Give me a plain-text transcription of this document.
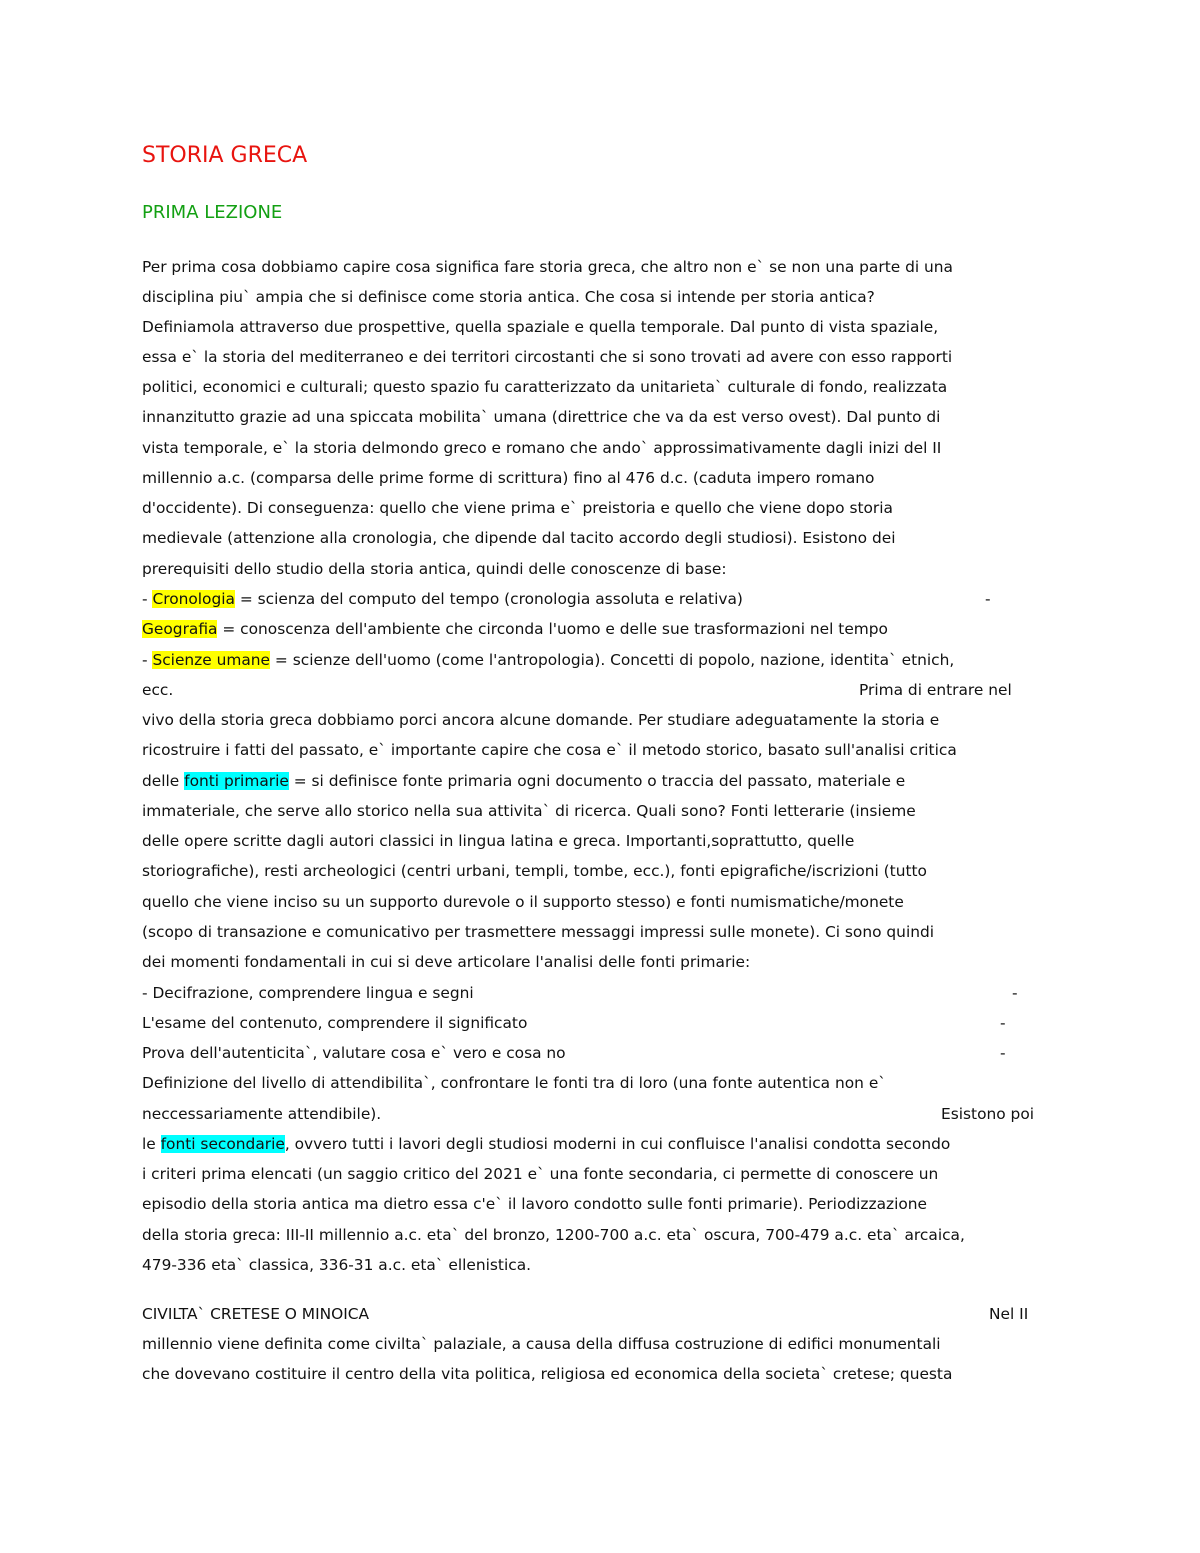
STORIA GRECA
PRIMA LEZIONE
Per prima cosa dobbiamo capire cosa significa fare storia greca, che altro non e` se non una parte di una
disciplina piu` ampia che si definisce come storia antica. Che cosa si intende per storia antica?
Definiamola attraverso due prospettive, quella spaziale e quella temporale. Dal punto di vista spaziale,
essa e` la storia del mediterraneo e dei territori circostanti che si sono trovati ad avere con esso rapporti
politici, economici e culturali; questo spazio fu caratterizzato da unitarieta` culturale di fondo, realizzata
innanzitutto grazie ad una spiccata mobilita` umana (direttrice che va da est verso ovest). Dal punto di
vista temporale, e` la storia delmondo greco e romano che ando` approssimativamente dagli inizi del II
millennio a.c. (comparsa delle prime forme di scrittura) fino al 476 d.c. (caduta impero romano
d'occidente). Di conseguenza: quello che viene prima e` preistoria e quello che viene dopo storia
medievale (attenzione alla cronologia, che dipende dal tacito accordo degli studiosi). Esistono dei
prerequisiti dello studio della storia antica, quindi delle conoscenze di base:
- Cronologia = scienza del computo del tempo (cronologia assoluta e relativa)	-
Geografia = conoscenza dell'ambiente che circonda l'uomo e delle sue trasformazioni nel tempo
- Scienze umane = scienze dell'uomo (come l'antropologia). Concetti di popolo, nazione, identita` etnich,
ecc.	Prima di entrare nel
vivo della storia greca dobbiamo porci ancora alcune domande. Per studiare adeguatamente la storia e
ricostruire i fatti del passato, e` importante capire che cosa e` il metodo storico, basato sull'analisi critica
delle fonti primarie = si definisce fonte primaria ogni documento o traccia del passato, materiale e
immateriale, che serve allo storico nella sua attivita` di ricerca. Quali sono? Fonti letterarie (insieme
delle opere scritte dagli autori classici in lingua latina e greca. Importanti,soprattutto, quelle
storiografiche), resti archeologici (centri urbani, templi, tombe, ecc.), fonti epigrafiche/iscrizioni (tutto
quello che viene inciso su un supporto durevole o il supporto stesso) e fonti numismatiche/monete
(scopo di transazione e comunicativo per trasmettere messaggi impressi sulle monete). Ci sono quindi
dei momenti fondamentali in cui si deve articolare l'analisi delle fonti primarie:
- Decifrazione, comprendere lingua e segni	-
L'esame del contenuto, comprendere il significato	-
Prova dell'autenticita`, valutare cosa e` vero e cosa no	-
Definizione del livello di attendibilita`, confrontare le fonti tra di loro (una fonte autentica non e`
neccessariamente attendibile).	Esistono poi
le fonti secondarie, ovvero tutti i lavori degli studiosi moderni in cui confluisce l'analisi condotta secondo
i criteri prima elencati (un saggio critico del 2021 e` una fonte secondaria, ci permette di conoscere un
episodio della storia antica ma dietro essa c'e` il lavoro condotto sulle fonti primarie). Periodizzazione
della storia greca: III-II millennio a.c. eta` del bronzo, 1200-700 a.c. eta` oscura, 700-479 a.c. eta` arcaica,
479-336 eta` classica, 336-31 a.c. eta` ellenistica.
CIVILTA` CRETESE O MINOICA	Nel II
millennio viene definita come civilta` palaziale, a causa della diffusa costruzione di edifici monumentali
che dovevano costituire il centro della vita politica, religiosa ed economica della societa` cretese; questa
